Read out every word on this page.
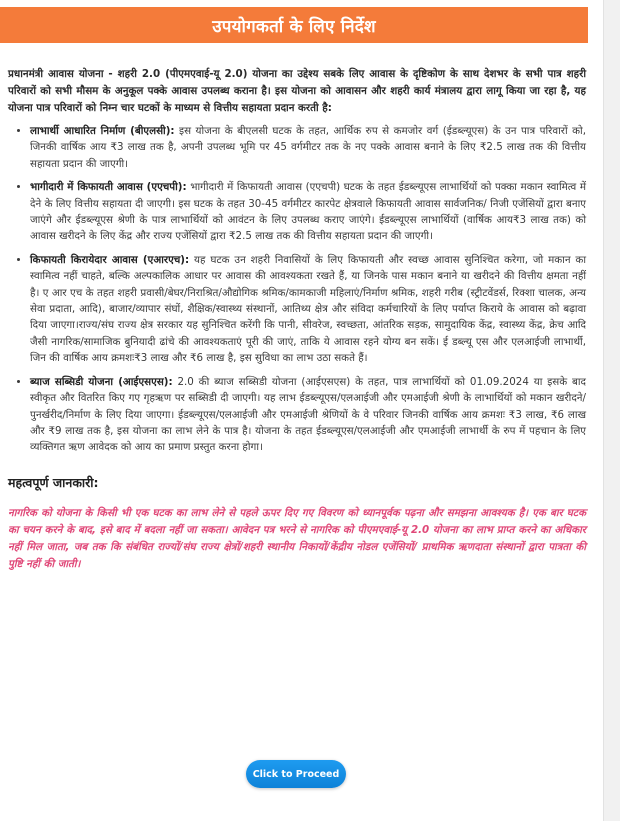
उपयोगकर्ता के लिए निर्देश

प्रधानमंत्री आवास योजना - शहरी 2.0 (पीएमएवाई-यू 2.0) योजना का उद्देश्य सबके लिए आवास के दृष्टिकोण के साथ देशभर के सभी पात्र शहरी परिवारों को सभी मौसम के अनुकूल पक्के आवास उपलब्ध कराना है। इस योजना को आवासन और शहरी कार्य मंत्रालय द्वारा लागू किया जा रहा है, यह योजना पात्र परिवारों को निम्न चार घटकों के माध्यम से वित्तीय सहायता प्रदान करती है:

• लाभार्थी आधारित निर्माण (बीएलसी): इस योजना के बीएलसी घटक के तहत, आर्थिक रुप से कमजोर वर्ग (ईडब्ल्यूएस) के उन पात्र परिवारों को, जिनकी वार्षिक आय ₹3 लाख तक है, अपनी उपलब्ध भूमि पर 45 वर्गमीटर तक के नए पक्के आवास बनाने के लिए ₹2.5 लाख तक की वित्तीय सहायता प्रदान की जाएगी।
• भागीदारी में किफायती आवास (एएचपी): भागीदारी में किफायती आवास (एएचपी) घटक के तहत ईडब्ल्यूएस लाभार्थियों को पक्का मकान स्वामित्व में देने के लिए वित्तीय सहायता दी जाएगी। इस घटक के तहत 30-45 वर्गमीटर कारपेट क्षेत्रवाले किफायती आवास सार्वजनिक/ निजी एजेंसियों द्वारा बनाए जाएंगे और ईडब्ल्यूएस श्रेणी के पात्र लाभार्थियों को आवंटन के लिए उपलब्ध कराए जाएंगे। ईडब्ल्यूएस लाभार्थियों (वार्षिक आय₹3 लाख तक) को आवास खरीदने के लिए केंद्र और राज्य एजेंसियों द्वारा ₹2.5 लाख तक की वित्तीय सहायता प्रदान की जाएगी।
• किफायती किरायेदार आवास (एआरएच): यह घटक उन शहरी निवासियों के लिए किफायती और स्वच्छ आवास सुनिश्चित करेगा, जो मकान का स्वामित्व नहीं चाहते, बल्कि अल्पकालिक आधार पर आवास की आवश्यकता रखते हैं, या जिनके पास मकान बनाने या खरीदने की वित्तीय क्षमता नहीं है। ए आर एच के तहत शहरी प्रवासी/बेघर/निराश्रित/औद्योगिक श्रमिक/कामकाजी महिलाएं/निर्माण श्रमिक, शहरी गरीब (स्ट्रीटवेंडर्स, रिक्शा चालक, अन्य सेवा प्रदाता, आदि), बाजार/व्यापार संघों, शैक्षिक/स्वास्थ्य संस्थानों, आतिथ्य क्षेत्र और संविदा कर्मचारियों के लिए पर्याप्त किराये के आवास को बढ़ावा दिया जाएगा।राज्य/संघ राज्य क्षेत्र सरकार यह सुनिश्चित करेंगी कि पानी, सीवरेज, स्वच्छता, आंतरिक सड़क, सामुदायिक केंद्र, स्वास्थ्य केंद्र, क्रेच आदि जैसी नागरिक/सामाजिक बुनियादी ढांचे की आवश्यकताएं पूरी की जाएं, ताकि ये आवास रहने योग्य बन सकें। ई डब्ल्यू एस और एलआईजी लाभार्थी, जिन की वार्षिक आय क्रमशः₹3 लाख और ₹6 लाख है, इस सुविधा का लाभ उठा सकते हैं।
• ब्याज सब्सिडी योजना (आईएसएस): 2.0 की ब्याज सब्सिडी योजना (आईएसएस) के तहत, पात्र लाभार्थियों को 01.09.2024 या इसके बाद स्वीकृत और वितरित किए गए गृहऋण पर सब्सिडी दी जाएगी। यह लाभ ईडब्ल्यूएस/एलआईजी और एमआईजी श्रेणी के लाभार्थियों को मकान खरीदने/पुनर्खरीद/निर्माण के लिए दिया जाएगा। ईडब्ल्यूएस/एलआईजी और एमआईजी श्रेणियों के वे परिवार जिनकी वार्षिक आय क्रमशः ₹3 लाख, ₹6 लाख और ₹9 लाख तक है, इस योजना का लाभ लेने के पात्र है। योजना के तहत ईडब्ल्यूएस/एलआईजी और एमआईजी लाभार्थी के रुप में पहचान के लिए व्यक्तिगत ऋण आवेदक को आय का प्रमाण प्रस्तुत करना होगा।

महत्वपूर्ण जानकारी:

नागरिक को योजना के किसी भी एक घटक का लाभ लेने से पहले ऊपर दिए गए विवरण को ध्यानपूर्वक पढ़ना और समझना आवश्यक है। एक बार घटक का चयन करने के बाद, इसे बाद में बदला नहीं जा सकता। आवेदन पत्र भरने से नागरिक को पीएमएवाई-यू 2.0 योजना का लाभ प्राप्त करने का अधिकार नहीं मिल जाता, जब तक कि संबंधित राज्यों/संघ राज्य क्षेत्रों/शहरी स्थानीय निकायों/केंद्रीय नोडल एजेंसियों/ प्राथमिक ऋणदाता संस्थानों द्वारा पात्रता की पुष्टि नहीं की जाती।

Click to Proceed
